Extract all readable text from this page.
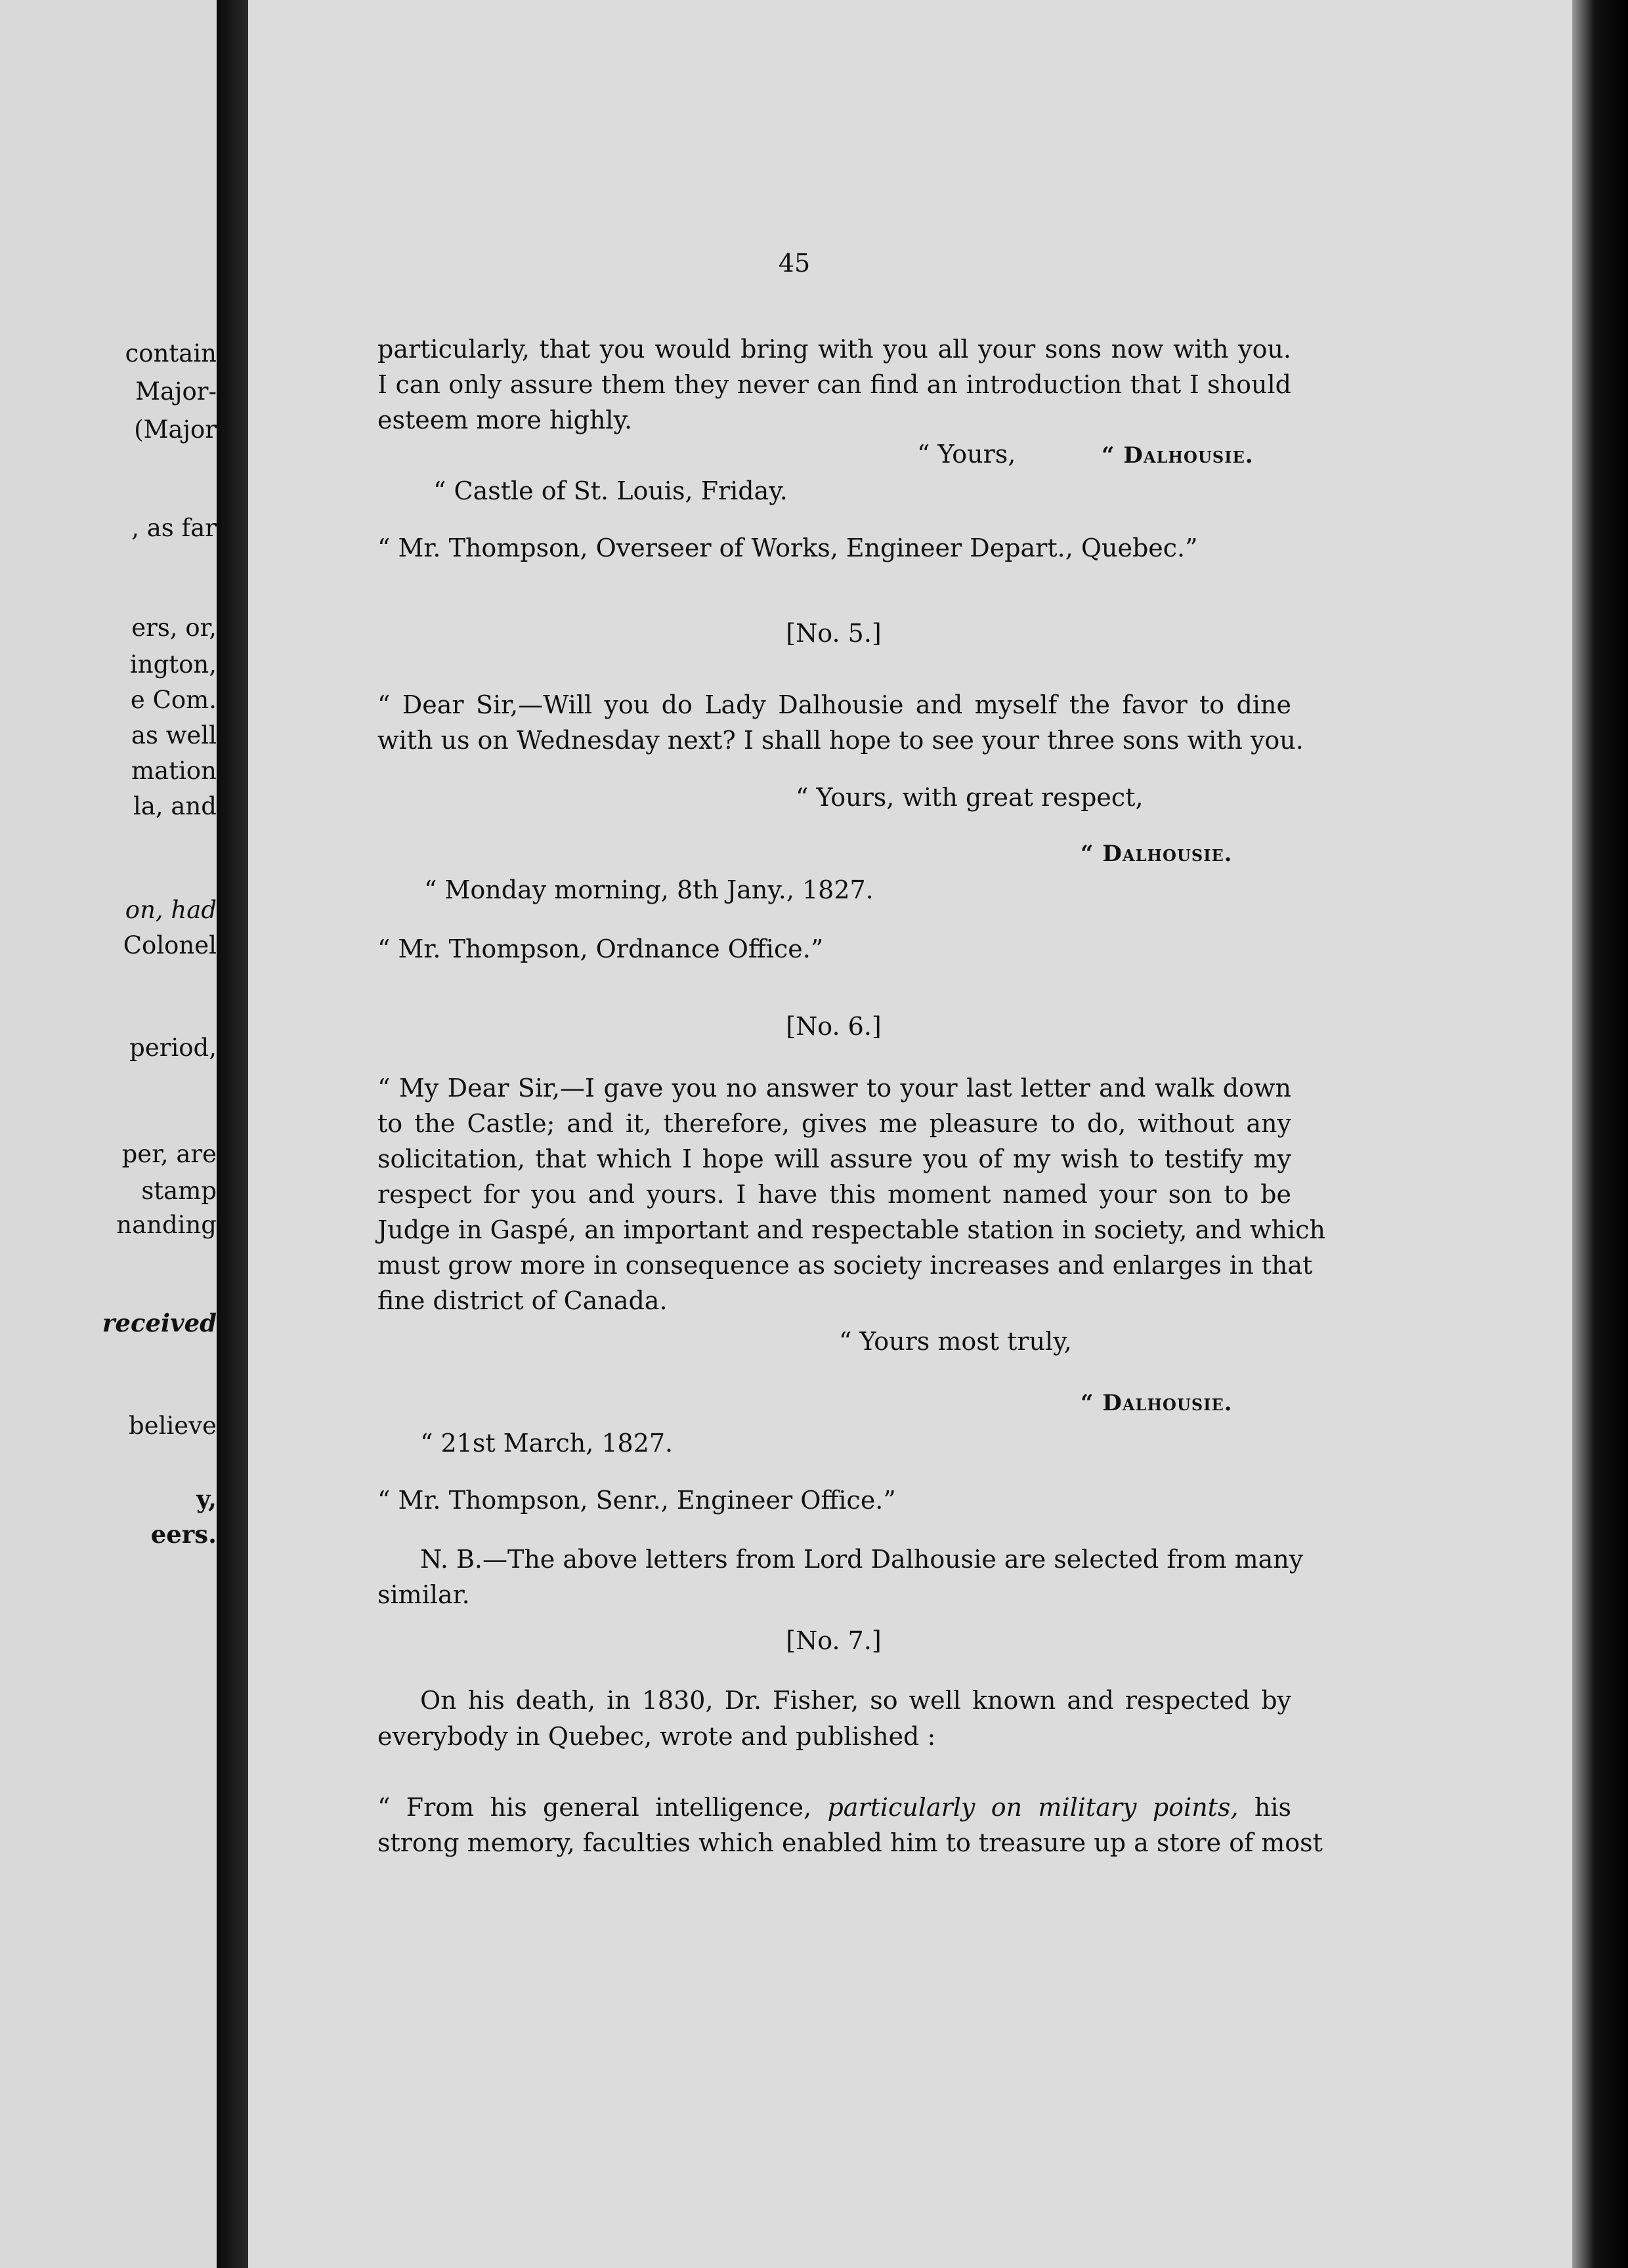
contain
Major-
(Major
, as far
ers, or,
ington,
e Com.
as well
mation
la, and
on, had
Colonel
period,
per, are
stamp
nanding
received
believe
y,
eers.
45
particularly, that you would bring with you all your sons now with you.
I can only assure them they never can find an introduction that I should
esteem more highly.
“ Yours,	“ Dalhousie.
“ Castle of St. Louis, Friday.
“ Mr. Thompson, Overseer of Works, Engineer Depart., Quebec.”
[No. 5.]
“ Dear Sir,—Will you do Lady Dalhousie and myself the favor to dine
with us on Wednesday next? I shall hope to see your three sons with you.
“ Yours, with great respect,
“ Dalhousie.
“ Monday morning, 8th Jany., 1827.
“ Mr. Thompson, Ordnance Office.”
[No. 6.]
“ My Dear Sir,—I gave you no answer to your last letter and walk down
to the Castle; and it, therefore, gives me pleasure to do, without any
solicitation, that which I hope will assure you of my wish to testify my
respect for you and yours. I have this moment named your son to be
Judge in Gaspé, an important and respectable station in society, and which
must grow more in consequence as society increases and enlarges in that
fine district of Canada.
“ Yours most truly,
“ Dalhousie.
“ 21st March, 1827.
“ Mr. Thompson, Senr., Engineer Office.”
N. B.—The above letters from Lord Dalhousie are selected from many
similar.
[No. 7.]
On his death, in 1830, Dr. Fisher, so well known and respected by
everybody in Quebec, wrote and published :
“ From his general intelligence, particularly on military points, his
strong memory, faculties which enabled him to treasure up a store of most
